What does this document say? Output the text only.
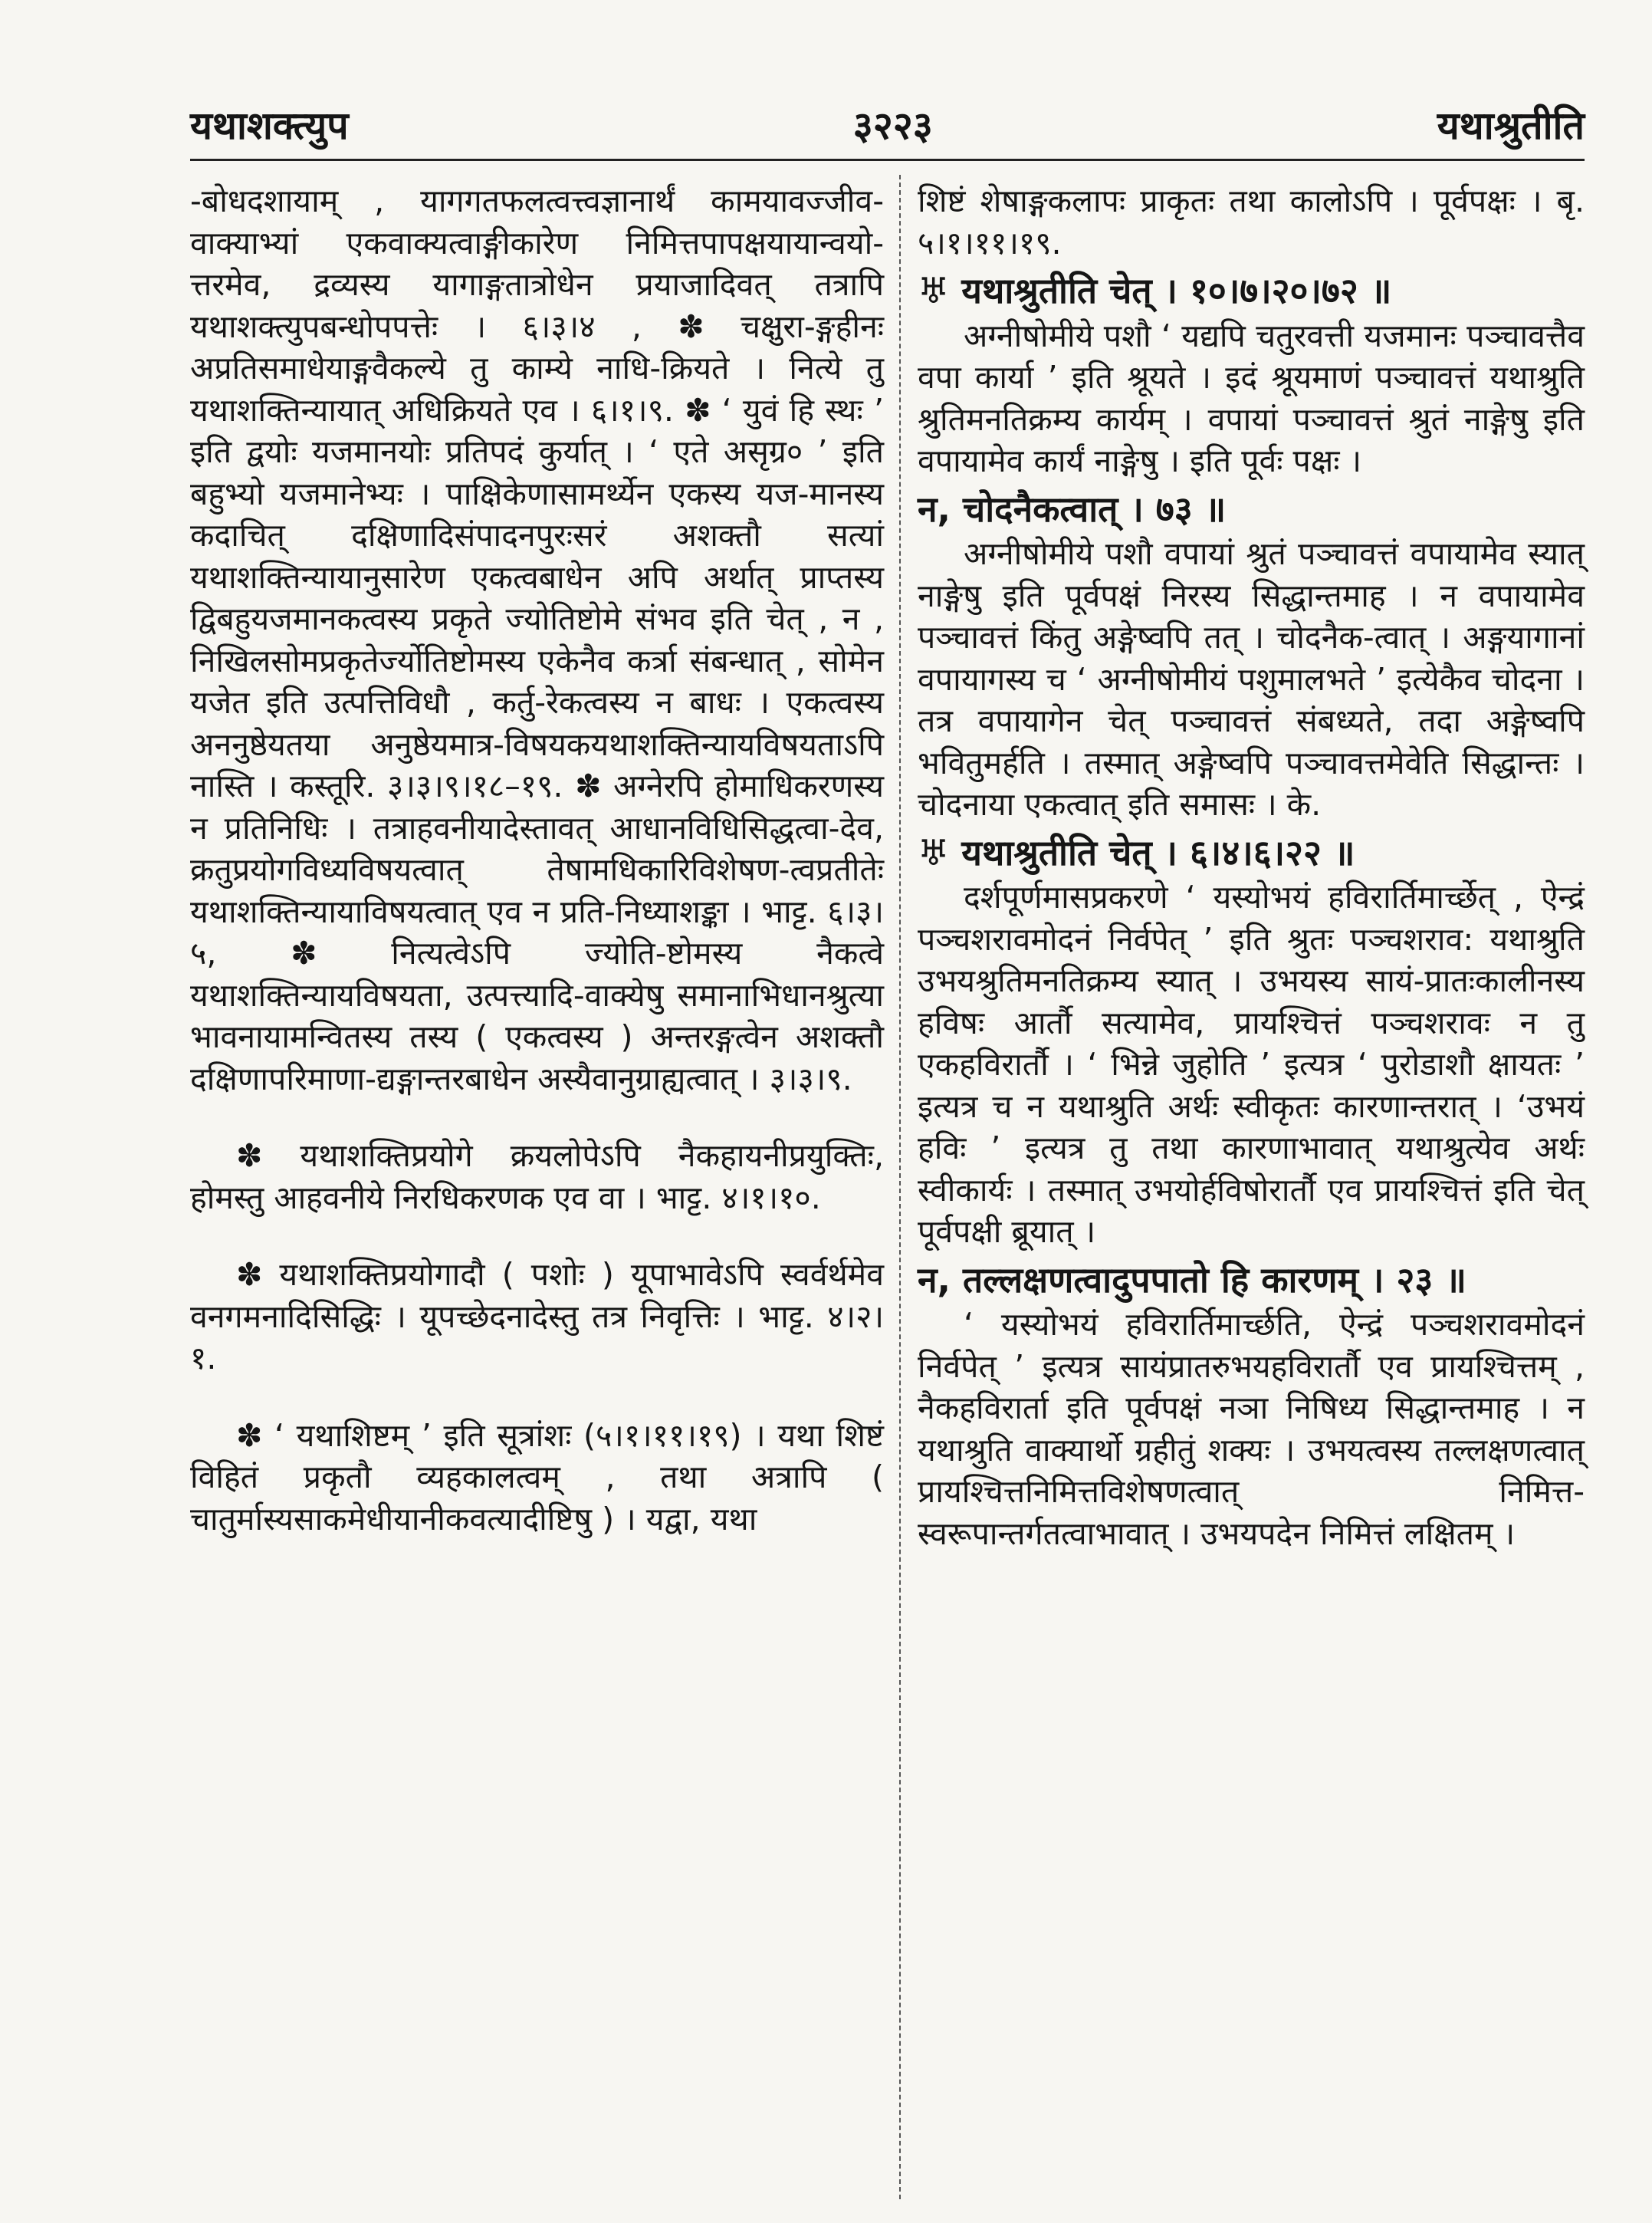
यथाशक्त्युप	३२२३	यथाश्रुतीति

-बोधदशायाम् , यागगतफलत्वत्त्वज्ञानार्थं कामयावज्जीव-वाक्याभ्यां एकवाक्यत्वाङ्गीकारेण निमित्तपापक्षयायान्वयो-त्तरमेव, द्रव्यस्य यागाङ्गतात्रोधेन प्रयाजादिवत् तत्रापि यथाशक्त्युपबन्धोपपत्तेः । ६।३।४ , ✽ चक्षुरा-ङ्गहीनः अप्रतिसमाधेयाङ्गवैकल्ये तु काम्ये नाधि-क्रियते । नित्ये तु यथाशक्तिन्यायात् अधिक्रियते एव । ६।१।९. ✽ ‘ युवं हि स्थः ’ इति द्वयोः यजमानयोः प्रतिपदं कुर्यात् । ‘ एते असृग्र० ’ इति बहुभ्यो यजमानेभ्यः । पाक्षिकेणासामर्थ्येन एकस्य यज-मानस्य कदाचित् दक्षिणादिसंपादनपुरःसरं अशक्तौ सत्यां यथाशक्तिन्यायानुसारेण एकत्वबाधेन अपि अर्थात् प्राप्तस्य द्विबहुयजमानकत्वस्य प्रकृते ज्योतिष्टोमे संभव इति चेत् , न , निखिलसोमप्रकृतेर्ज्योतिष्टोमस्य एकेनैव कर्त्रा संबन्धात् , सोमेन यजेत इति उत्पत्तिविधौ , कर्तु-रेकत्वस्य न बाधः । एकत्वस्य अननुष्ठेयतया अनुष्ठेयमात्र-विषयकयथाशक्तिन्यायविषयताऽपि नास्ति । कस्तूरि. ३।३।९।१८–१९. ✽ अग्नेरपि होमाधिकरणस्य न प्रतिनिधिः । तत्राहवनीयादेस्तावत् आधानविधिसिद्धत्वा-देव, क्रतुप्रयोगविध्यविषयत्वात् तेषामधिकारिविशेषण-त्वप्रतीतेः यथाशक्तिन्यायाविषयत्वात् एव न प्रति-निध्याशङ्का । भाट्ट. ६।३।५, ✽ नित्यत्वेऽपि ज्योति-ष्टोमस्य नैकत्वे यथाशक्तिन्यायविषयता, उत्पत्त्यादि-वाक्येषु समानाभिधानश्रुत्या भावनायामन्वितस्य तस्य ( एकत्वस्य ) अन्तरङ्गत्वेन अशक्तौ दक्षिणापरिमाणा-द्यङ्गान्तरबाधेन अस्यैवानुग्राह्यत्वात् । ३।३।९.

✽ यथाशक्तिप्रयोगे क्रयलोपेऽपि नैकहायनीप्रयुक्तिः, होमस्तु आहवनीये निरधिकरणक एव वा । भाट्ट. ४।१।१०.

✽ यथाशक्तिप्रयोगादौ ( पशोः ) यूपाभावेऽपि स्वर्वर्थमेव वनगमनादिसिद्धिः । यूपच्छेदनादेस्तु तत्र निवृत्तिः । भाट्ट. ४।२।१.

✽ ‘ यथाशिष्टम् ’ इति सूत्रांशः (५।१।११।१९) । यथा शिष्टं विहितं प्रकृतौ व्यहकालत्वम् , तथा अत्रापि ( चातुर्मास्यसाकमेधीयानीकवत्यादीष्टिषु ) । यद्वा, यथा

शिष्टं शेषाङ्गकलापः प्राकृतः तथा कालोऽपि । पूर्वपक्षः । बृ. ५।१।११।१९.

♅ यथाश्रुतीति चेत् । १०।७।२०।७२ ॥

अग्नीषोमीये पशौ ‘ यद्यपि चतुरवत्ती यजमानः पञ्चावत्तैव वपा कार्या ’ इति श्रूयते । इदं श्रूयमाणं पञ्चावत्तं यथाश्रुति श्रुतिमनतिक्रम्य कार्यम् । वपायां पञ्चावत्तं श्रुतं नाङ्गेषु इति वपायामेव कार्यं नाङ्गेषु । इति पूर्वः पक्षः ।

न, चोदनैकत्वात् । ७३ ॥

अग्नीषोमीये पशौ वपायां श्रुतं पञ्चावत्तं वपायामेव स्यात् नाङ्गेषु इति पूर्वपक्षं निरस्य सिद्धान्तमाह । न वपायामेव पञ्चावत्तं किंतु अङ्गेष्वपि तत् । चोदनैक-त्वात् । अङ्गयागानां वपायागस्य च ‘ अग्नीषोमीयं पशुमालभते ’ इत्येकैव चोदना । तत्र वपायागेन चेत् पञ्चावत्तं संबध्यते, तदा अङ्गेष्वपि भवितुमर्हति । तस्मात् अङ्गेष्वपि पञ्चावत्तमेवेति सिद्धान्तः । चोदनाया एकत्वात् इति समासः । के.

♅ यथाश्रुतीति चेत् । ६।४।६।२२ ॥

दर्शपूर्णमासप्रकरणे ‘ यस्योभयं हविरार्तिमार्च्छेत् , ऐन्द्रं पञ्चशरावमोदनं निर्वपेत् ’ इति श्रुतः पञ्चशराव: यथाश्रुति उभयश्रुतिमनतिक्रम्य स्यात् । उभयस्य सायं-प्रातःकालीनस्य हविषः आर्तौ सत्यामेव, प्रायश्चित्तं पञ्चशरावः न तु एकहविरार्तौ । ‘ भिन्ने जुहोति ’ इत्यत्र ‘ पुरोडाशौ क्षायतः ’ इत्यत्र च न यथाश्रुति अर्थः स्वीकृतः कारणान्तरात् । ‘उभयं हविः ’ इत्यत्र तु तथा कारणाभावात् यथाश्रुत्येव अर्थः स्वीकार्यः । तस्मात् उभयोर्हविषोरार्तौ एव प्रायश्चित्तं इति चेत् पूर्वपक्षी ब्रूयात् ।

न, तल्लक्षणत्वादुपपातो हि कारणम् । २३ ॥

‘ यस्योभयं हविरार्तिमार्च्छति, ऐन्द्रं पञ्चशरावमोदनं निर्वपेत् ’ इत्यत्र सायंप्रातरुभयहविरार्तौ एव प्रायश्चित्तम् , नैकहविरार्ता इति पूर्वपक्षं नञा निषिध्य सिद्धान्तमाह । न यथाश्रुति वाक्यार्थो ग्रहीतुं शक्यः । उभयत्वस्य तल्लक्षणत्वात् प्रायश्चित्तनिमित्तविशेषणत्वात् निमित्त-स्वरूपान्तर्गतत्वाभावात् । उभयपदेन निमित्तं लक्षितम् ।
